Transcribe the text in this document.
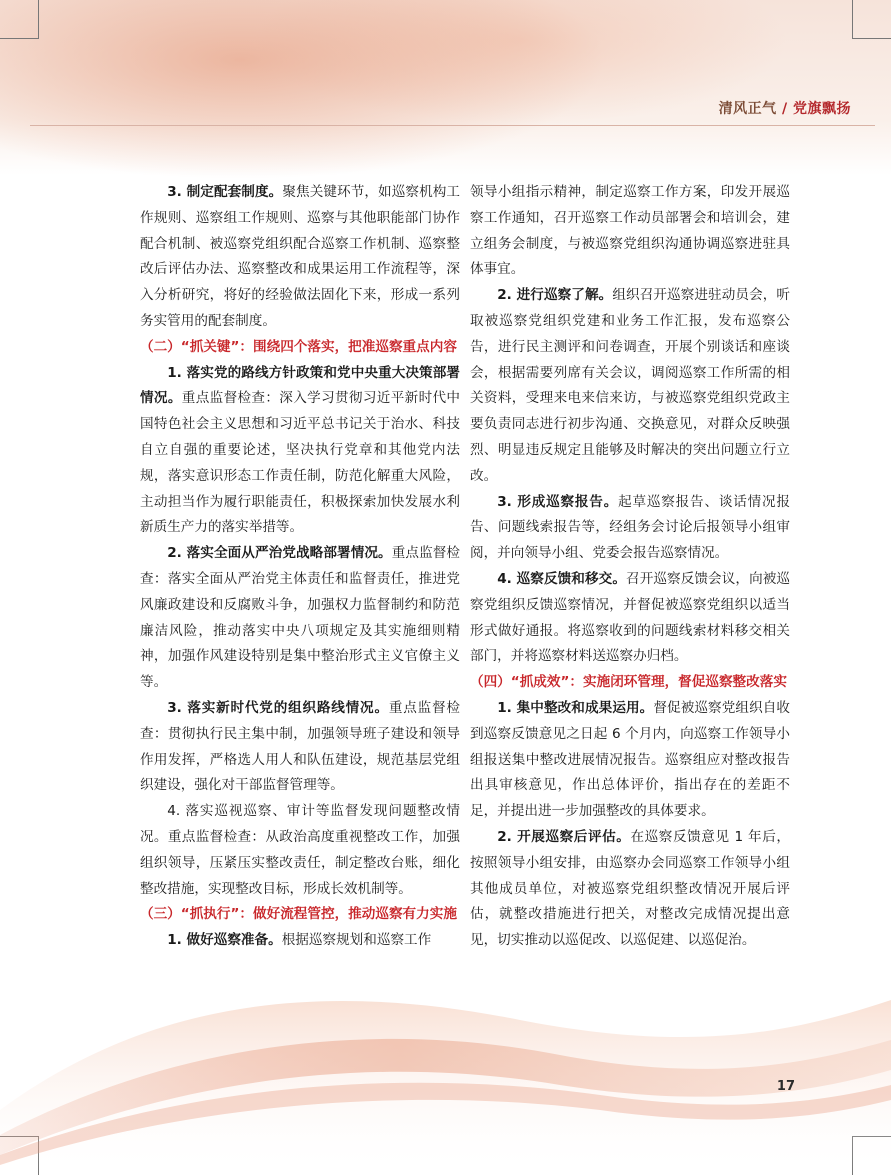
清风正气 / 党旗飘扬

3. 制定配套制度。聚焦关键环节，如巡察机构工作规则、巡察组工作规则、巡察与其他职能部门协作配合机制、被巡察党组织配合巡察工作机制、巡察整改后评估办法、巡察整改和成果运用工作流程等，深入分析研究，将好的经验做法固化下来，形成一系列务实管用的配套制度。

（二）“抓关键”：围绕四个落实，把准巡察重点内容

1. 落实党的路线方针政策和党中央重大决策部署情况。重点监督检查：深入学习贯彻习近平新时代中国特色社会主义思想和习近平总书记关于治水、科技自立自强的重要论述，坚决执行党章和其他党内法规，落实意识形态工作责任制，防范化解重大风险，主动担当作为履行职能责任，积极探索加快发展水利新质生产力的落实举措等。

2. 落实全面从严治党战略部署情况。重点监督检查：落实全面从严治党主体责任和监督责任，推进党风廉政建设和反腐败斗争，加强权力监督制约和防范廉洁风险，推动落实中央八项规定及其实施细则精神，加强作风建设特别是集中整治形式主义官僚主义等。

3. 落实新时代党的组织路线情况。重点监督检查：贯彻执行民主集中制，加强领导班子建设和领导作用发挥，严格选人用人和队伍建设，规范基层党组织建设，强化对干部监督管理等。

4. 落实巡视巡察、审计等监督发现问题整改情况。重点监督检查：从政治高度重视整改工作，加强组织领导，压紧压实整改责任，制定整改台账，细化整改措施，实现整改目标，形成长效机制等。

（三）“抓执行”：做好流程管控，推动巡察有力实施

1. 做好巡察准备。根据巡察规划和巡察工作

领导小组指示精神，制定巡察工作方案，印发开展巡察工作通知，召开巡察工作动员部署会和培训会，建立组务会制度，与被巡察党组织沟通协调巡察进驻具体事宜。

2. 进行巡察了解。组织召开巡察进驻动员会，听取被巡察党组织党建和业务工作汇报，发布巡察公告，进行民主测评和问卷调查，开展个别谈话和座谈会，根据需要列席有关会议，调阅巡察工作所需的相关资料，受理来电来信来访，与被巡察党组织党政主要负责同志进行初步沟通、交换意见，对群众反映强烈、明显违反规定且能够及时解决的突出问题立行立改。

3. 形成巡察报告。起草巡察报告、谈话情况报告、问题线索报告等，经组务会讨论后报领导小组审阅，并向领导小组、党委会报告巡察情况。

4. 巡察反馈和移交。召开巡察反馈会议，向被巡察党组织反馈巡察情况，并督促被巡察党组织以适当形式做好通报。将巡察收到的问题线索材料移交相关部门，并将巡察材料送巡察办归档。

（四）“抓成效”：实施闭环管理，督促巡察整改落实

1. 集中整改和成果运用。督促被巡察党组织自收到巡察反馈意见之日起 6 个月内，向巡察工作领导小组报送集中整改进展情况报告。巡察组应对整改报告出具审核意见，作出总体评价，指出存在的差距不足，并提出进一步加强整改的具体要求。

2. 开展巡察后评估。在巡察反馈意见 1 年后，按照领导小组安排，由巡察办会同巡察工作领导小组其他成员单位，对被巡察党组织整改情况开展后评估，就整改措施进行把关，对整改完成情况提出意见，切实推动以巡促改、以巡促建、以巡促治。

17
